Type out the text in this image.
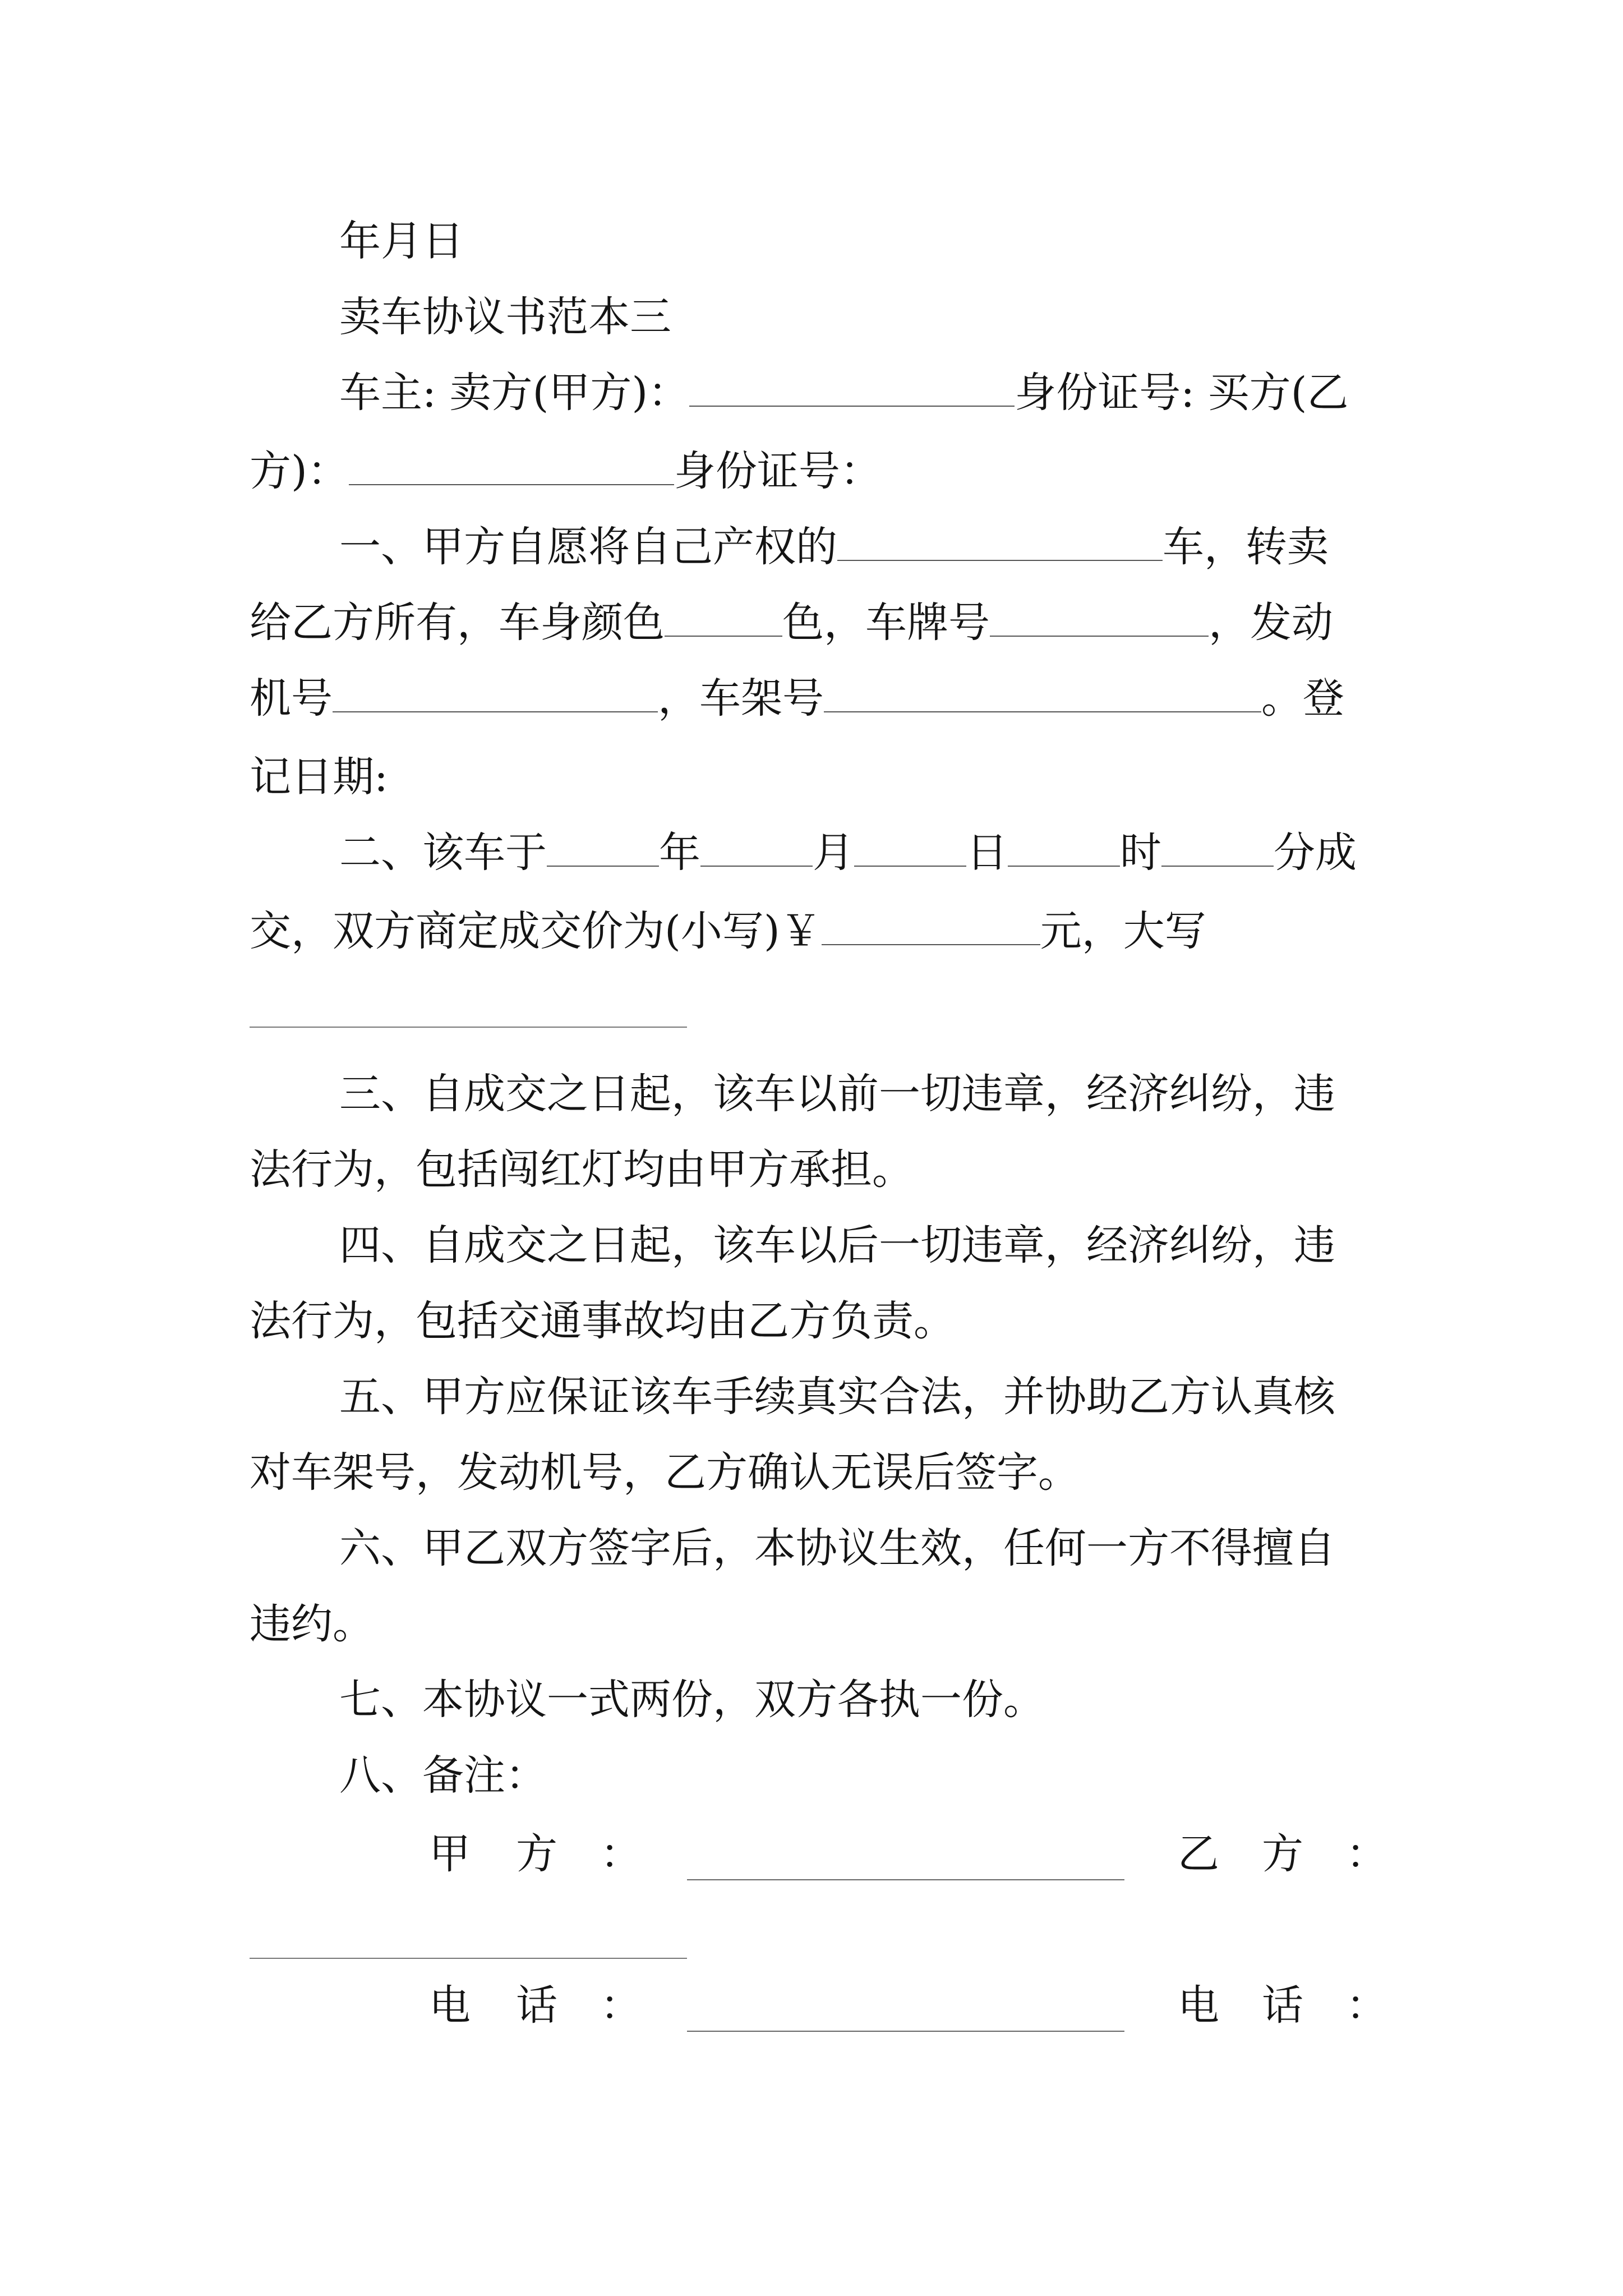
年月日
卖车协议书范本三
车主: 卖方(甲方)：	身份证号: 买方(乙
方)：	身份证号：
一、甲方自愿将自己产权的	车，转卖
给乙方所有，车身颜色	色，车牌号	，发动
机号	，车架号	。登
记日期:
二、该车于	年	月	日	时	分成
交，双方商定成交价为(小写)￥	元，大写
三、自成交之日起，该车以前一切违章，经济纠纷，违
法行为，包括闯红灯均由甲方承担。
四、自成交之日起，该车以后一切违章，经济纠纷，违
法行为，包括交通事故均由乙方负责。
五、甲方应保证该车手续真实合法，并协助乙方认真核
对车架号，发动机号，乙方确认无误后签字。
六、甲乙双方签字后，本协议生效，任何一方不得擅自
违约。
七、本协议一式两份，双方各执一份。
八、备注：
甲 方 ：	乙 方 ：
电 话 ：	电 话 ：
